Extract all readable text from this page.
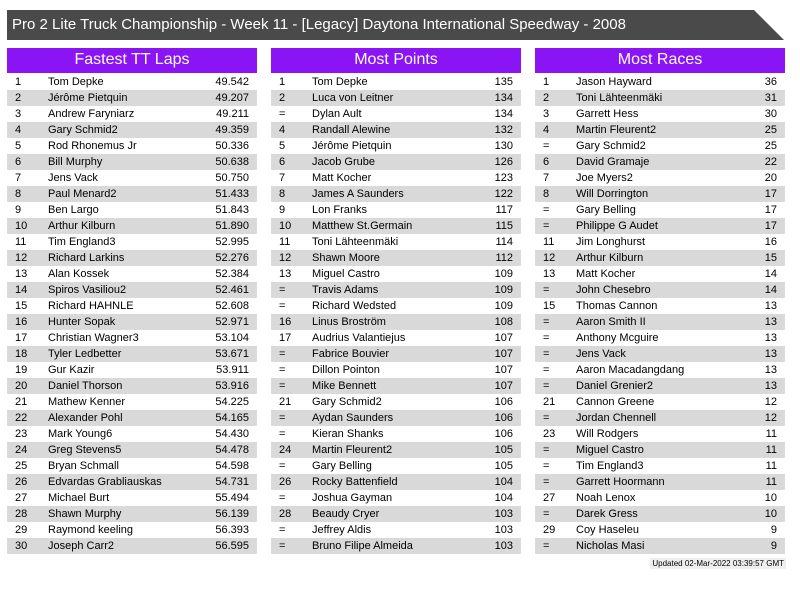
Pro 2 Lite Truck Championship - Week 11 - [Legacy] Daytona International Speedway - 2008
Fastest TT Laps
1 Tom Depke	49.542
2 Jérôme Pietquin	49.207
3 Andrew Faryniarz	49.211
4 Gary Schmid2	49.359
5 Rod Rhonemus Jr	50.336
6 Bill Murphy	50.638
7 Jens Vack	50.750
8 Paul Menard2	51.433
9 Ben Largo	51.843
10 Arthur Kilburn	51.890
11 Tim England3	52.995
12 Richard Larkins	52.276
13 Alan Kossek	52.384
14 Spiros Vasiliou2	52.461
15 Richard HAHNLE	52.608
16 Hunter Sopak	52.971
17 Christian Wagner3	53.104
18 Tyler Ledbetter	53.671
19 Gur Kazir	53.911
20 Daniel Thorson	53.916
21 Mathew Kenner	54.225
22 Alexander Pohl	54.165
23 Mark Young6	54.430
24 Greg Stevens5	54.478
25 Bryan Schmall	54.598
26 Edvardas Grabliauskas	54.731
27 Michael Burt	55.494
28 Shawn Murphy	56.139
29 Raymond keeling	56.393
30 Joseph Carr2	56.595
Most Points
1 Tom Depke	135
2 Luca von Leitner	134
= Dylan Ault	134
4 Randall Alewine	132
5 Jérôme Pietquin	130
6 Jacob Grube	126
7 Matt Kocher	123
8 James A Saunders	122
9 Lon Franks	117
10 Matthew St.Germain	115
11 Toni Lähteenmäki	114
12 Shawn Moore	112
13 Miguel Castro	109
= Travis Adams	109
= Richard Wedsted	109
16 Linus Broström	108
17 Audrius Valantiejus	107
= Fabrice Bouvier	107
= Dillon Pointon	107
= Mike Bennett	107
21 Gary Schmid2	106
= Aydan Saunders	106
= Kieran Shanks	106
24 Martin Fleurent2	105
= Gary Belling	105
26 Rocky Battenfield	104
= Joshua Gayman	104
28 Beaudy Cryer	103
= Jeffrey Aldis	103
= Bruno Filipe Almeida	103
Most Races
1 Jason Hayward	36
2 Toni Lähteenmäki	31
3 Garrett Hess	30
4 Martin Fleurent2	25
= Gary Schmid2	25
6 David Gramaje	22
7 Joe Myers2	20
8 Will Dorrington	17
= Gary Belling	17
= Philippe G Audet	17
11 Jim Longhurst	16
12 Arthur Kilburn	15
13 Matt Kocher	14
= John Chesebro	14
15 Thomas Cannon	13
= Aaron Smith II	13
= Anthony Mcguire	13
= Jens Vack	13
= Aaron Macadangdang	13
= Daniel Grenier2	13
21 Cannon Greene	12
= Jordan Chennell	12
23 Will Rodgers	11
= Miguel Castro	11
= Tim England3	11
= Garrett Hoormann	11
27 Noah Lenox	10
= Darek Gress	10
29 Coy Haseleu	9
= Nicholas Masi	9
Updated 02-Mar-2022 03:39:57 GMT
